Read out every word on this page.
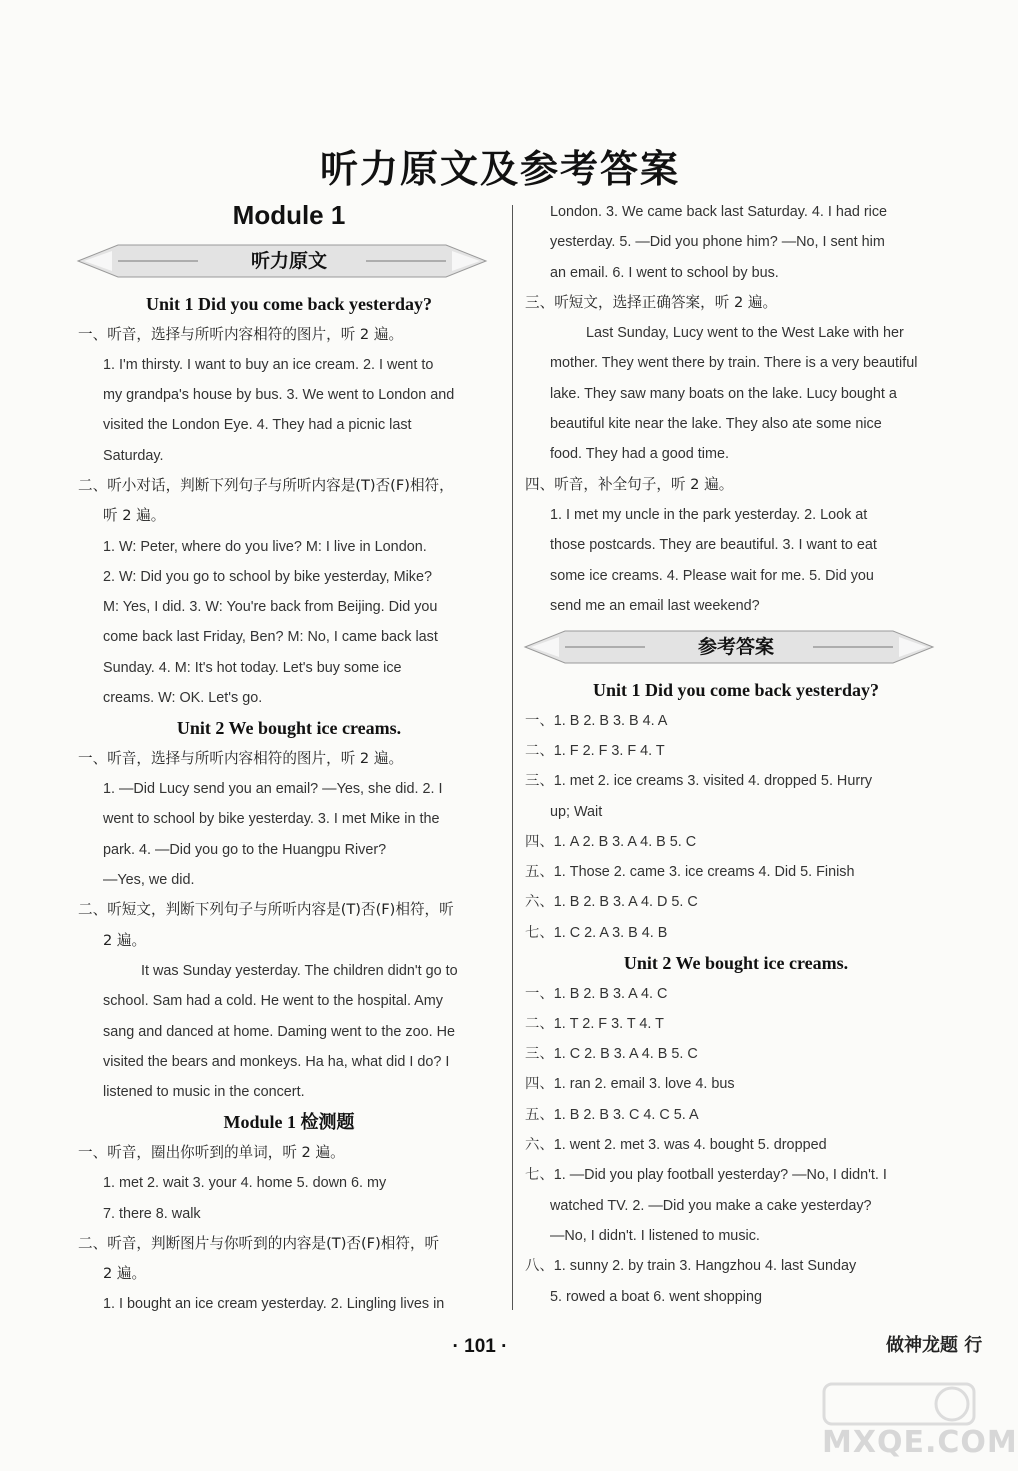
听力原文及参考答案
Module 1
听力原文
Unit 1 Did you come back yesterday?
一、听音，选择与所听内容相符的图片，听 2 遍。
1. I'm thirsty. I want to buy an ice cream. 2. I went to
my grandpa's house by bus. 3. We went to London and
visited the London Eye. 4. They had a picnic last
Saturday.
二、听小对话，判断下列句子与所听内容是(T)否(F)相符，
听 2 遍。
1. W: Peter, where do you live? M: I live in London.
2. W: Did you go to school by bike yesterday, Mike?
M: Yes, I did. 3. W: You're back from Beijing. Did you
come back last Friday, Ben? M: No, I came back last
Sunday. 4. M: It's hot today. Let's buy some ice
creams. W: OK. Let's go.
Unit 2 We bought ice creams.
一、听音，选择与所听内容相符的图片，听 2 遍。
1. —Did Lucy send you an email? —Yes, she did. 2. I
went to school by bike yesterday. 3. I met Mike in the
park. 4. —Did you go to the Huangpu River?
—Yes, we did.
二、听短文，判断下列句子与所听内容是(T)否(F)相符，听
2 遍。
It was Sunday yesterday. The children didn't go to
school. Sam had a cold. He went to the hospital. Amy
sang and danced at home. Daming went to the zoo. He
visited the bears and monkeys. Ha ha, what did I do? I
listened to music in the concert.
Module 1 检测题
一、听音，圈出你听到的单词，听 2 遍。
1. met 2. wait 3. your 4. home 5. down 6. my
7. there 8. walk
二、听音，判断图片与你听到的内容是(T)否(F)相符，听
2 遍。
1. I bought an ice cream yesterday. 2. Lingling lives in
London. 3. We came back last Saturday. 4. I had rice
yesterday. 5. —Did you phone him? —No, I sent him
an email. 6. I went to school by bus.
三、听短文，选择正确答案，听 2 遍。
Last Sunday, Lucy went to the West Lake with her
mother. They went there by train. There is a very beautiful
lake. They saw many boats on the lake. Lucy bought a
beautiful kite near the lake. They also ate some nice
food. They had a good time.
四、听音，补全句子，听 2 遍。
1. I met my uncle in the park yesterday. 2. Look at
those postcards. They are beautiful. 3. I want to eat
some ice creams. 4. Please wait for me. 5. Did you
send me an email last weekend?
参考答案
Unit 1 Did you come back yesterday?
一、1. B 2. B 3. B 4. A
二、1. F 2. F 3. F 4. T
三、1. met 2. ice creams 3. visited 4. dropped 5. Hurry
up; Wait
四、1. A 2. B 3. A 4. B 5. C
五、1. Those 2. came 3. ice creams 4. Did 5. Finish
六、1. B 2. B 3. A 4. D 5. C
七、1. C 2. A 3. B 4. B
Unit 2 We bought ice creams.
一、1. B 2. B 3. A 4. C
二、1. T 2. F 3. T 4. T
三、1. C 2. B 3. A 4. B 5. C
四、1. ran 2. email 3. love 4. bus
五、1. B 2. B 3. C 4. C 5. A
六、1. went 2. met 3. was 4. bought 5. dropped
七、1. —Did you play football yesterday? —No, I didn't. I
watched TV. 2. —Did you make a cake yesterday?
—No, I didn't. I listened to music.
八、1. sunny 2. by train 3. Hangzhou 4. last Sunday
5. rowed a boat 6. went shopping
· 101 ·	做神龙题 行
MXQE.COM
